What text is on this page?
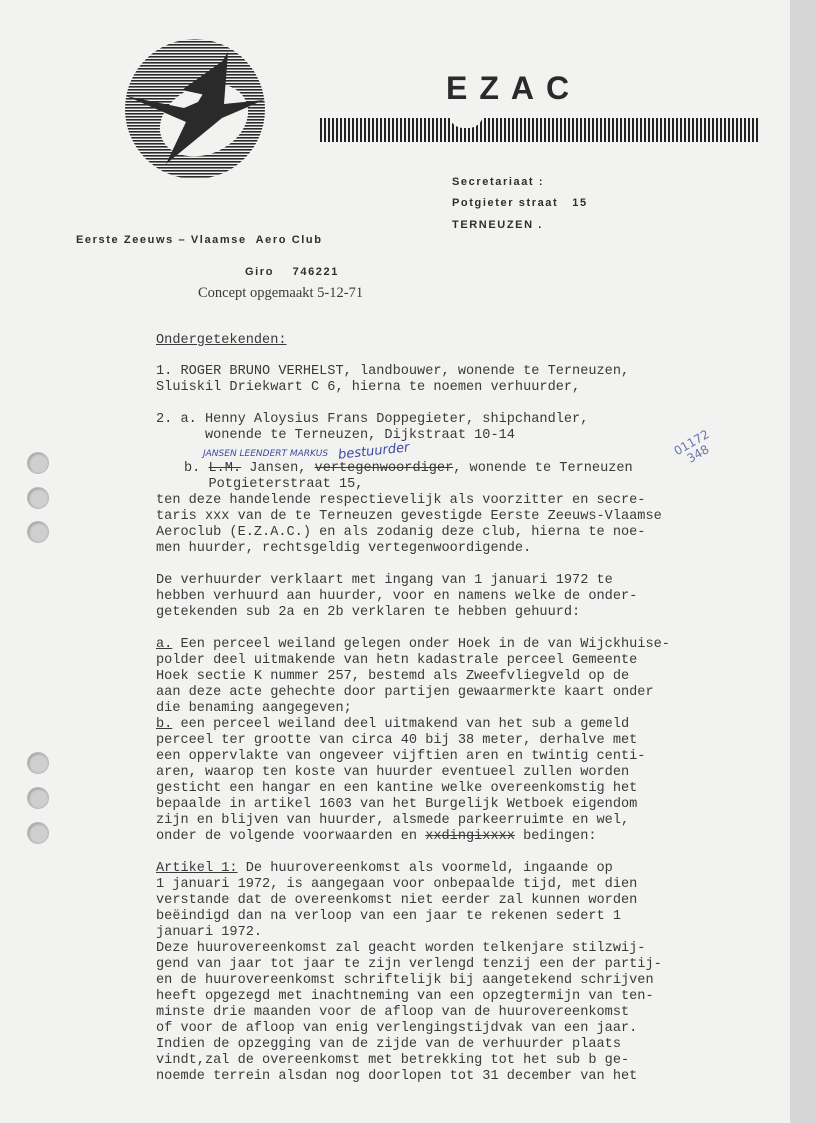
EZAC
Secretariaat :
Potgieter straat   15
TERNEUZEN .
Eerste Zeeuws – Vlaamse  Aero Club
Giro    746221
Concept opgemaakt 5-12-71
Ondergetekenden:
1. ROGER BRUNO VERHELST, landbouwer, wonende te Terneuzen,
Sluiskil Driekwart C 6, hierna te noemen verhuurder,
2. a. Henny Aloysius Frans Doppegieter, shipchandler,
wonende te Terneuzen, Dijkstraat 10-14
JANSEN LEENDERT MARKUS bestuurder
b. L.M. Jansen, vertegenwoordiger, wonende te Terneuzen
Potgieterstraat 15,
01172
348
ten deze handelende respectievelijk als voorzitter en secre-
taris xxx van de te Terneuzen gevestigde Eerste Zeeuws-Vlaamse
Aeroclub (E.Z.A.C.) en als zodanig deze club, hierna te noe-
men huurder, rechtsgeldig vertegenwoordigende.
De verhuurder verklaart met ingang van 1 januari 1972 te
hebben verhuurd aan huurder, voor en namens welke de onder-
getekenden sub 2a en 2b verklaren te hebben gehuurd:
a. Een perceel weiland gelegen onder Hoek in de van Wijckhuise-
polder deel uitmakende van hetn kadastrale perceel Gemeente
Hoek sectie K nummer 257, bestemd als Zweefvliegveld op de
aan deze acte gehechte door partijen gewaarmerkte kaart onder
die benaming aangegeven;
b. een perceel weiland deel uitmakend van het sub a gemeld
perceel ter grootte van circa 40 bij 38 meter, derhalve met
een oppervlakte van ongeveer vijftien aren en twintig centi-
aren, waarop ten koste van huurder eventueel zullen worden
gesticht een hangar en een kantine welke overeenkomstig het
bepaalde in artikel 1603 van het Burgelijk Wetboek eigendom
zijn en blijven van huurder, alsmede parkeerruimte en wel,
onder de volgende voorwaarden en xxdingixxxx bedingen:
Artikel 1: De huurovereenkomst als voormeld, ingaande op
1 januari 1972, is aangegaan voor onbepaalde tijd, met dien
verstande dat de overeenkomst niet eerder zal kunnen worden
beëindigd dan na verloop van een jaar te rekenen sedert 1
januari 1972.
Deze huurovereenkomst zal geacht worden telkenjare stilzwij-
gend van jaar tot jaar te zijn verlengd tenzij een der partij-
en de huurovereenkomst schriftelijk bij aangetekend schrijven
heeft opgezegd met inachtneming van een opzegtermijn van ten-
minste drie maanden voor de afloop van de huurovereenkomst
of voor de afloop van enig verlengingstijdvak van een jaar.
Indien de opzegging van de zijde van de verhuurder plaats
vindt,zal de overeenkomst met betrekking tot het sub b ge-
noemde terrein alsdan nog doorlopen tot 31 december van het
